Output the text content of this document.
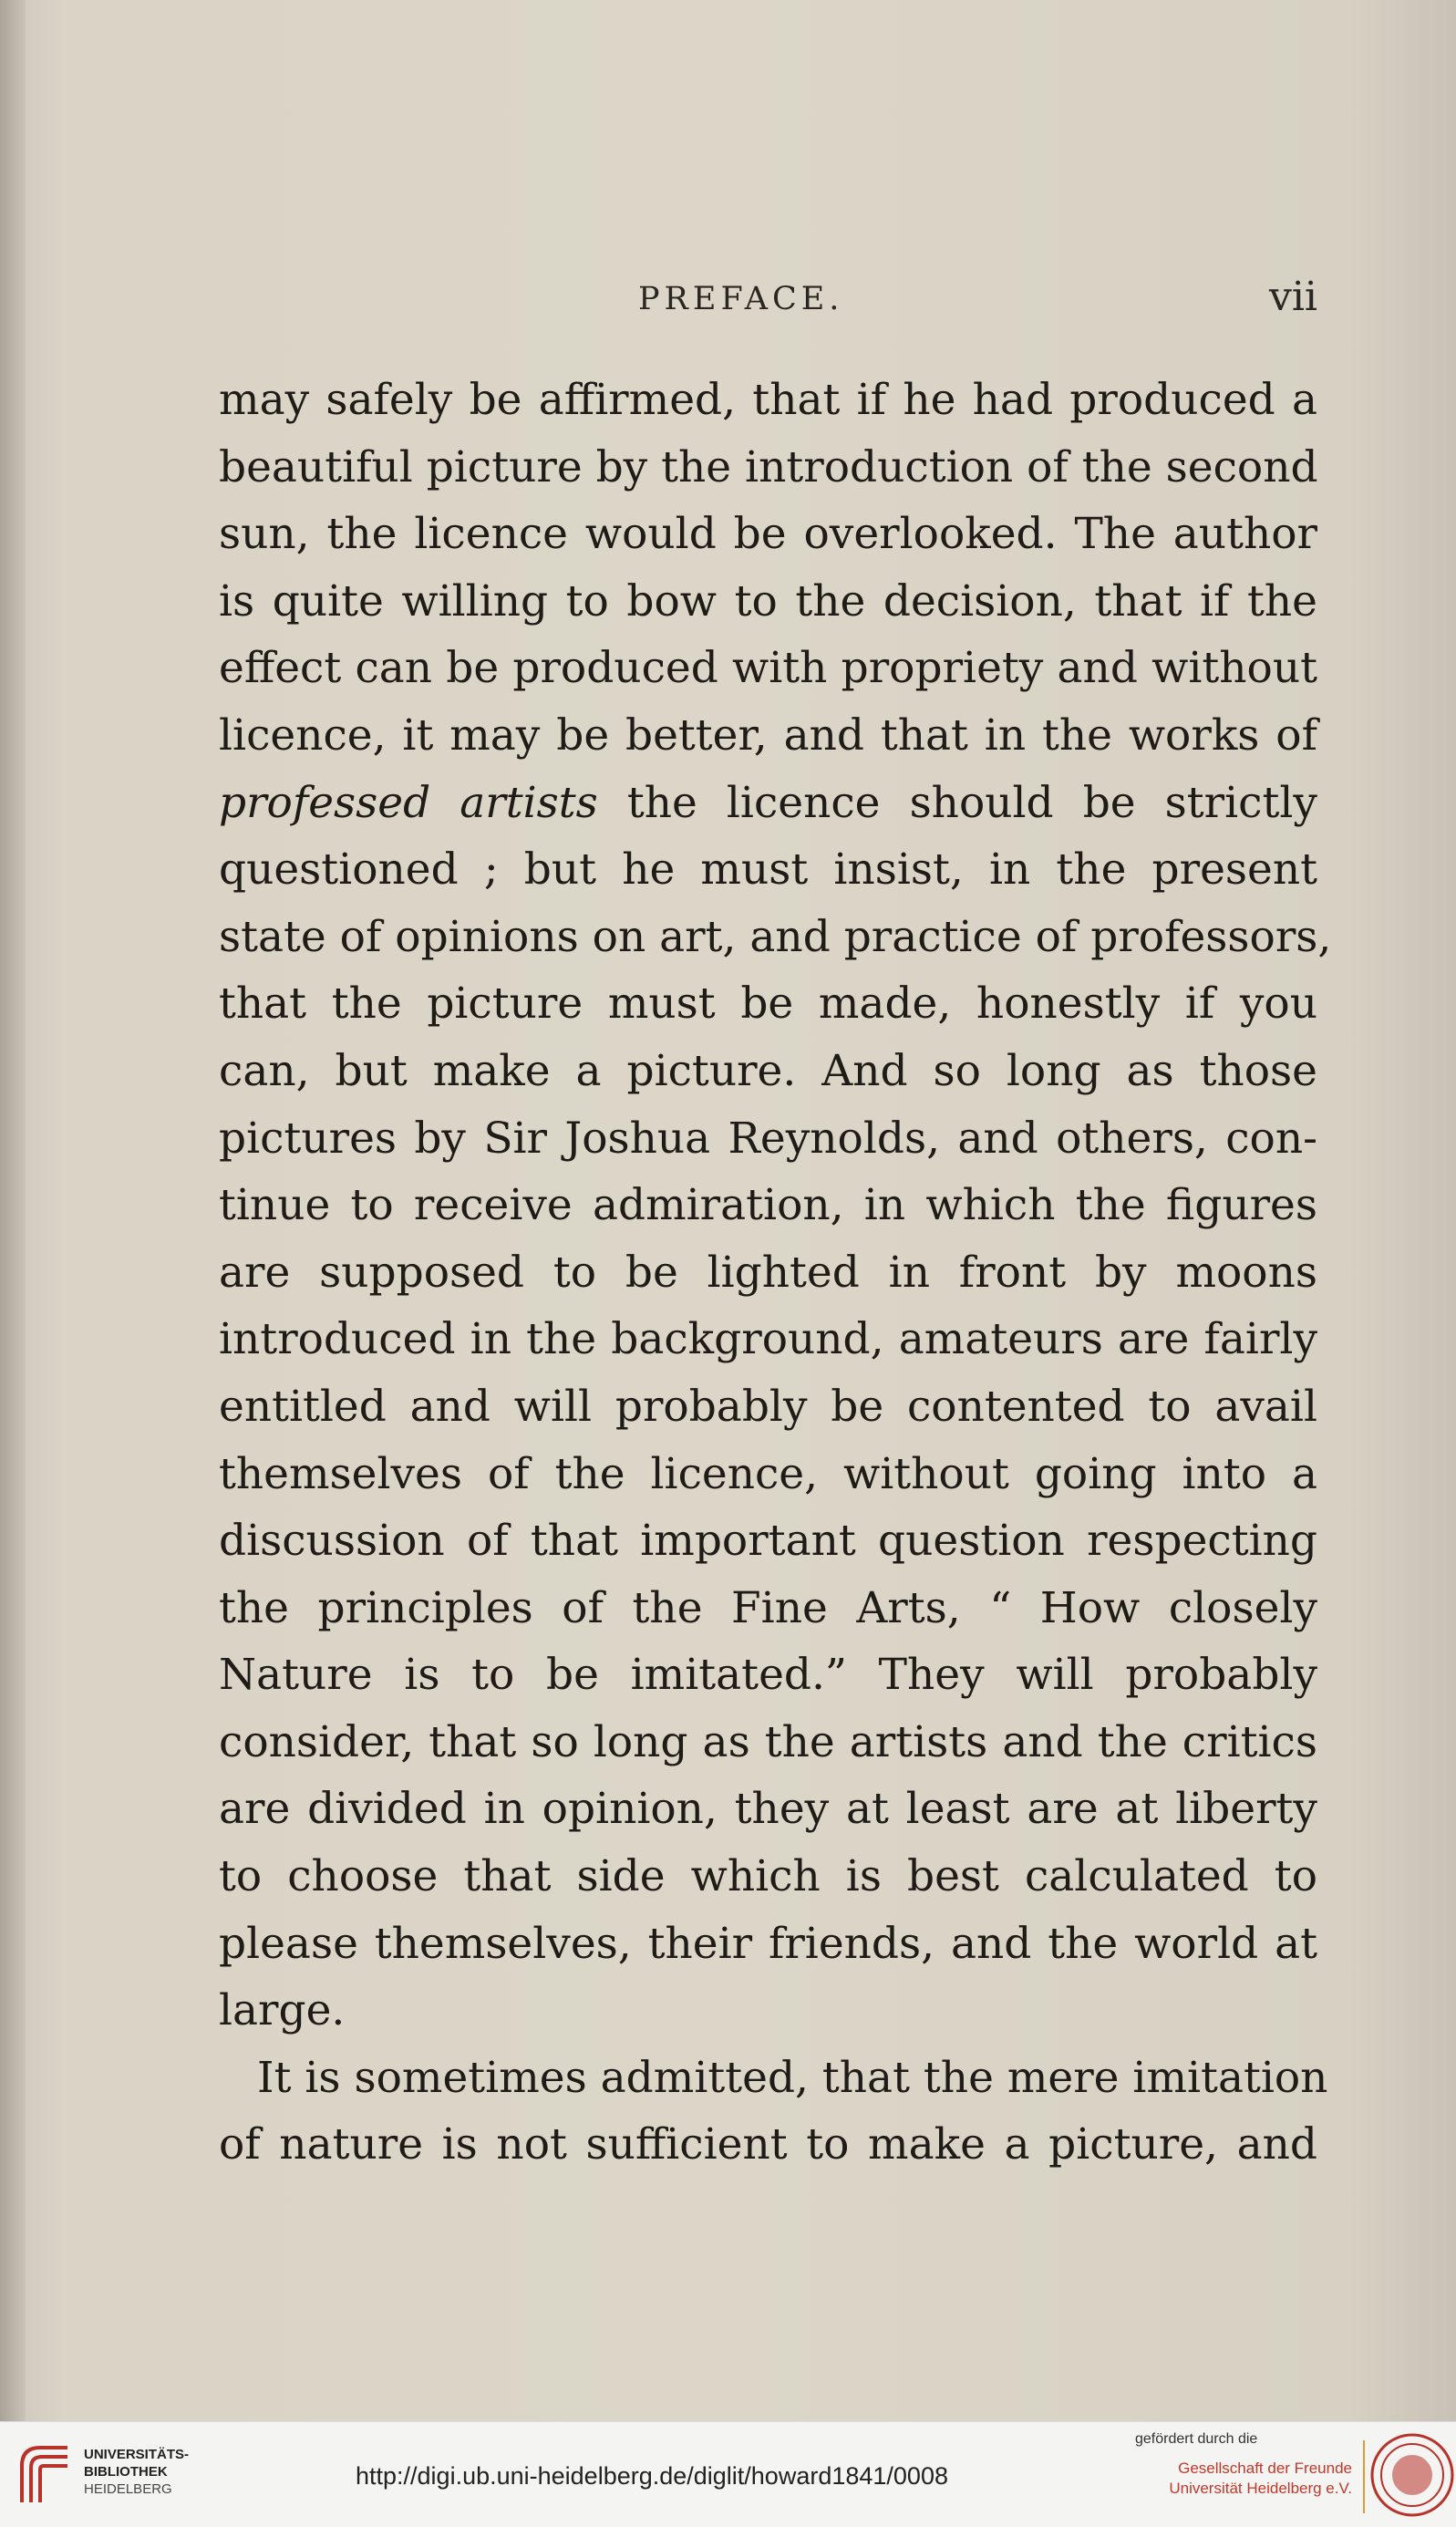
PREFACE.	vii
may safely be affirmed, that if he had produced a
beautiful picture by the introduction of the second
sun, the licence would be overlooked. The author
is quite willing to bow to the decision, that if the
effect can be produced with propriety and without
licence, it may be better, and that in the works of
professed artists the licence should be strictly
questioned ; but he must insist, in the present
state of opinions on art, and practice of professors,
that the picture must be made, honestly if you
can, but make a picture. And so long as those
pictures by Sir Joshua Reynolds, and others, con-
tinue to receive admiration, in which the figures
are supposed to be lighted in front by moons
introduced in the background, amateurs are fairly
entitled and will probably be contented to avail
themselves of the licence, without going into a
discussion of that important question respecting
the principles of the Fine Arts, “ How closely
Nature is to be imitated.” They will probably
consider, that so long as the artists and the critics
are divided in opinion, they at least are at liberty
to choose that side which is best calculated to
please themselves, their friends, and the world at
large.
It is sometimes admitted, that the mere imitation
of nature is not sufficient to make a picture, and
UNIVERSITÄTS-
BIBLIOTHEK
HEIDELBERG	http://digi.ub.uni-heidelberg.de/diglit/howard1841/0008
gefördert durch die
Gesellschaft der Freunde
Universität Heidelberg e.V.
